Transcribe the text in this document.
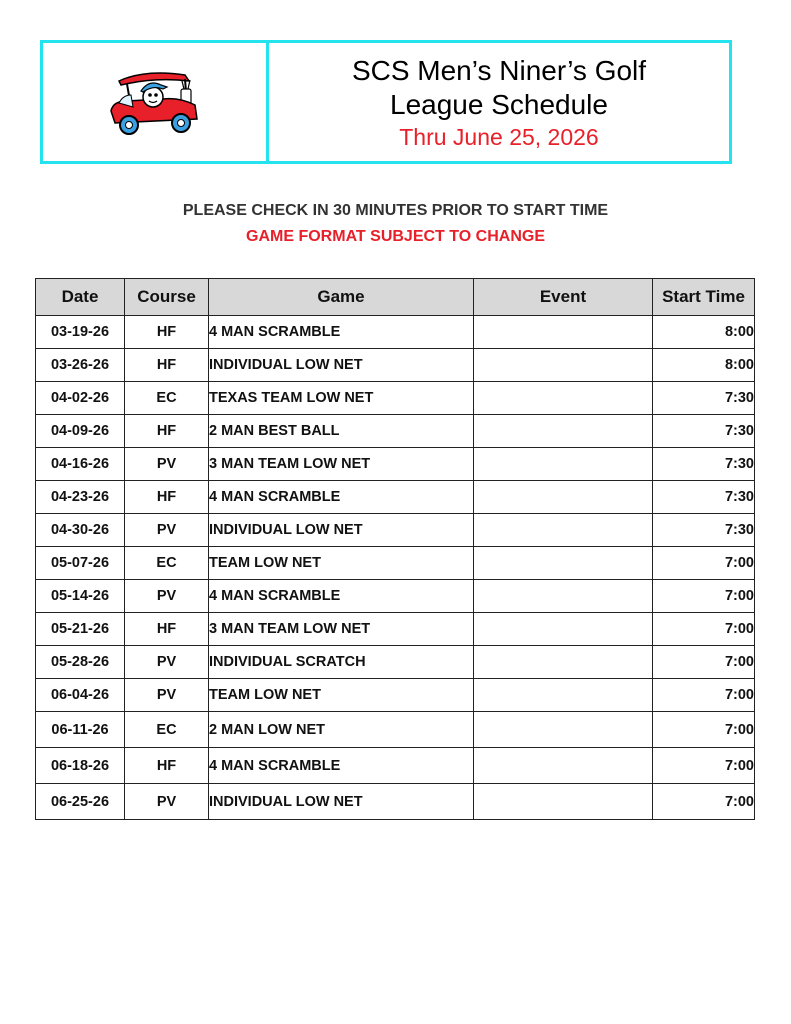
SCS Men’s Niner’s Golf
League Schedule
Thru June 25, 2026
PLEASE CHECK IN 30 MINUTES PRIOR TO START TIME
GAME FORMAT SUBJECT TO CHANGE
Date	Course	Game	Event	Start Time
03-19-26	HF	4 MAN SCRAMBLE		8:00
03-26-26	HF	INDIVIDUAL LOW NET		8:00
04-02-26	EC	TEXAS TEAM LOW NET		7:30
04-09-26	HF	2 MAN BEST BALL		7:30
04-16-26	PV	3 MAN TEAM LOW NET		7:30
04-23-26	HF	4 MAN SCRAMBLE		7:30
04-30-26	PV	INDIVIDUAL LOW NET		7:30
05-07-26	EC	TEAM LOW NET		7:00
05-14-26	PV	4 MAN SCRAMBLE		7:00
05-21-26	HF	3 MAN TEAM LOW NET		7:00
05-28-26	PV	INDIVIDUAL SCRATCH		7:00
06-04-26	PV	TEAM LOW NET		7:00
06-11-26	EC	2 MAN LOW NET		7:00
06-18-26	HF	4 MAN SCRAMBLE		7:00
06-25-26	PV	INDIVIDUAL LOW NET		7:00
